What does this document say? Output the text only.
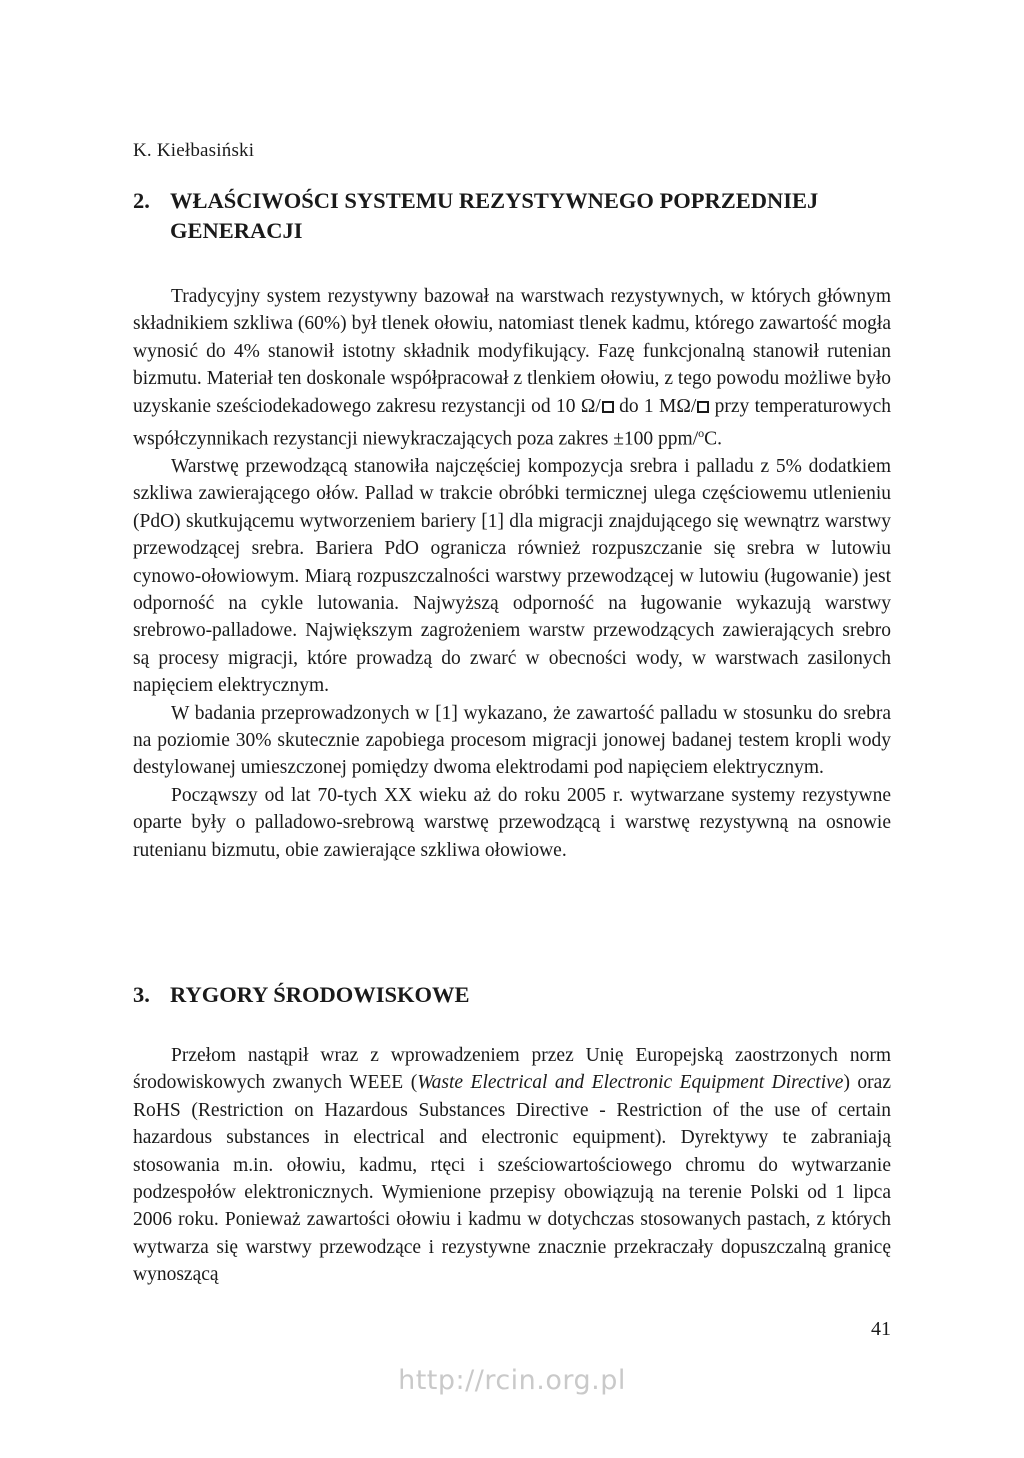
K. Kiełbasiński
2. WŁAŚCIWOŚCI SYSTEMU REZYSTYWNEGO POPRZEDNIEJ GENERACJI

Tradycyjny system rezystywny bazował na warstwach rezystywnych, w których głównym składnikiem szkliwa (60%) był tlenek ołowiu, natomiast tlenek kadmu, którego zawartość mogła wynosić do 4% stanowił istotny składnik modyfikujący. Fazę funkcjonalną stanowił rutenian bizmutu. Materiał ten doskonale współpracował z tlenkiem ołowiu, z tego powodu możliwe było uzyskanie sześciodekadowego zakresu rezystancji od 10 Ω/ do 1 MΩ/ przy temperaturowych współczynnikach rezystancji niewykraczających poza zakres ±100 ppm/$^o$C.

Warstwę przewodzącą stanowiła najczęściej kompozycja srebra i palladu z 5% dodatkiem szkliwa zawierającego ołów. Pallad w trakcie obróbki termicznej ulega częściowemu utlenieniu (PdO) skutkującemu wytworzeniem bariery [1] dla migracji znajdującego się wewnątrz warstwy przewodzącej srebra. Bariera PdO ogranicza również rozpuszczanie się srebra w lutowiu cynowo-ołowiowym. Miarą rozpuszczalności warstwy przewodzącej w lutowiu (ługowanie) jest odporność na cykle lutowania. Najwyższą odporność na ługowanie wykazują warstwy srebrowo-palladowe. Największym zagrożeniem warstw przewodzących zawierających srebro są procesy migracji, które prowadzą do zwarć w obecności wody, w warstwach zasilonych napięciem elektrycznym.

W badania przeprowadzonych w [1] wykazano, że zawartość palladu w stosunku do srebra na poziomie 30% skutecznie zapobiega procesom migracji jonowej badanej testem kropli wody destylowanej umieszczonej pomiędzy dwoma elektrodami pod napięciem elektrycznym.

Począwszy od lat 70-tych XX wieku aż do roku 2005 r. wytwarzane systemy rezystywne oparte były o palladowo-srebrową warstwę przewodzącą i warstwę rezystywną na osnowie rutenianu bizmutu, obie zawierające szkliwa ołowiowe.

3. RYGORY ŚRODOWISKOWE

Przełom nastąpił wraz z wprowadzeniem przez Unię Europejską zaostrzonych norm środowiskowych zwanych WEEE (Waste Electrical and Electronic Equipment Directive) oraz RoHS (Restriction on Hazardous Substances Directive - Restriction of the use of certain hazardous substances in electrical and electronic equipment). Dyrektywy te zabraniają stosowania m.in. ołowiu, kadmu, rtęci i sześciowartościowego chromu do wytwarzanie podzespołów elektronicznych. Wymienione przepisy obowiązują na terenie Polski od 1 lipca 2006 roku. Ponieważ zawartości ołowiu i kadmu w dotychczas stosowanych pastach, z których wytwarza się warstwy przewodzące i rezystywne znacznie przekraczały dopuszczalną granicę wynoszącą

41
http://rcin.org.pl
